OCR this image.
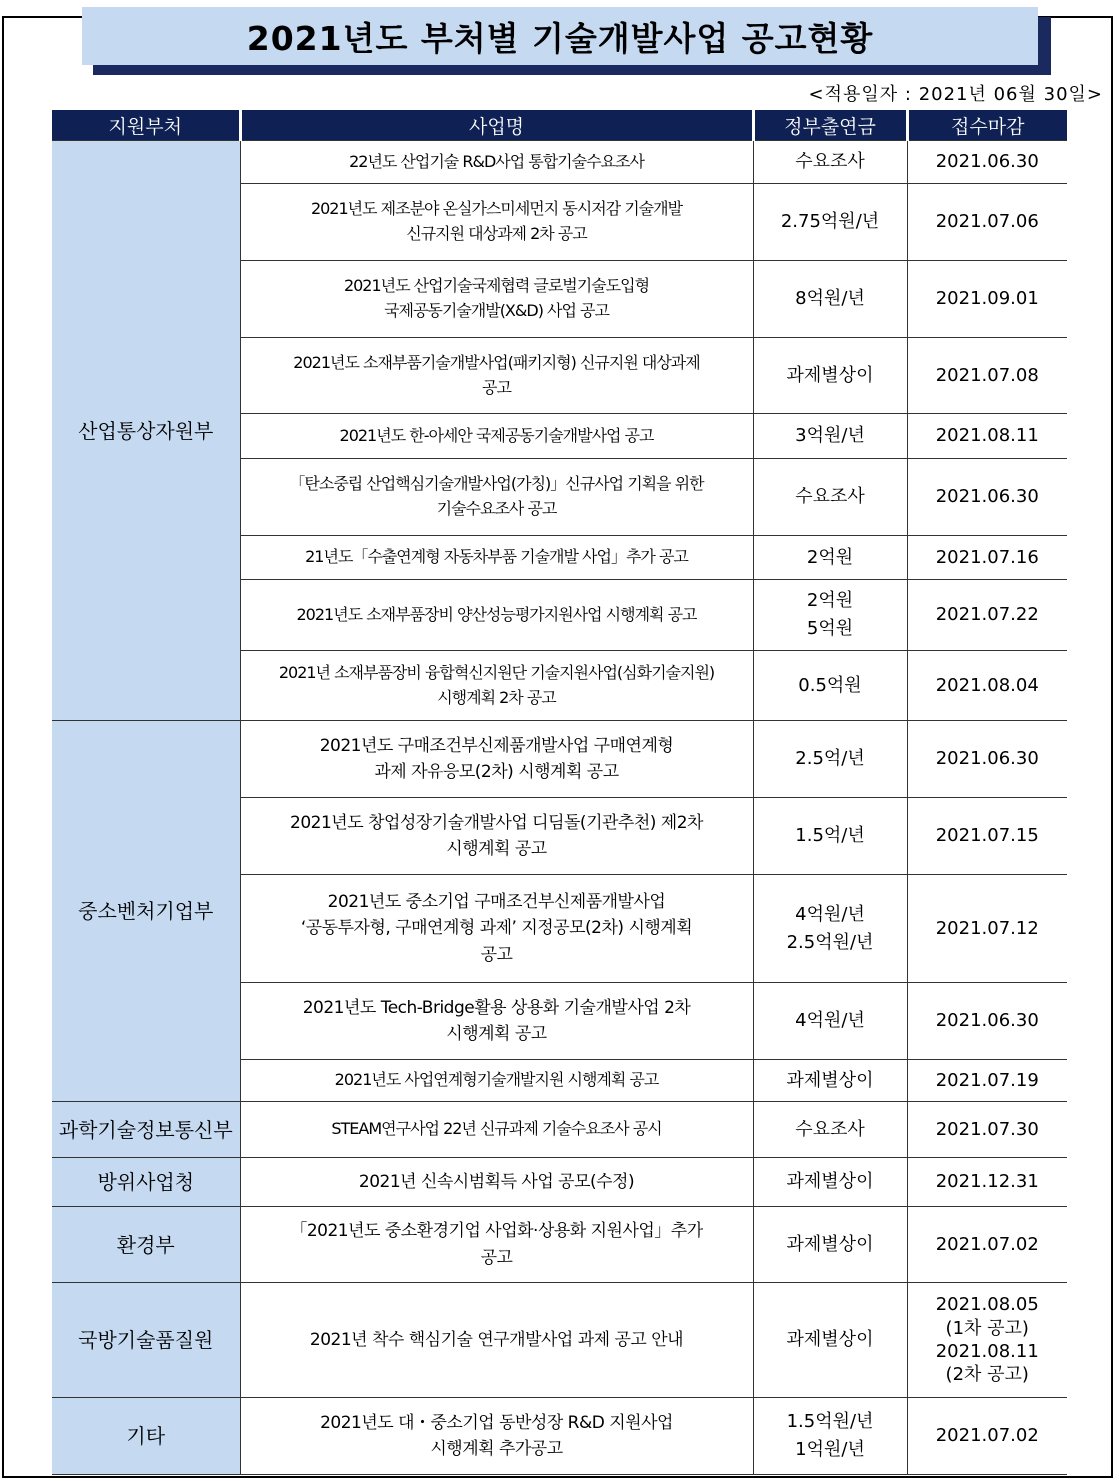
2021년도 부처별 기술개발사업 공고현황
<적용일자 : 2021년 06월 30일>
지원부처	사업명	정부출연금	접수마감
산업통상자원부	22년도 산업기술 R&D사업 통합기술수요조사	수요조사	2021.06.30
	2021년도 제조분야 온실가스미세먼지 동시저감 기술개발
신규지원 대상과제 2차 공고	2.75억원/년	2021.07.06
	2021년도 산업기술국제협력 글로벌기술도입형
국제공동기술개발(X&D) 사업 공고	8억원/년	2021.09.01
	2021년도 소재부품기술개발사업(패키지형) 신규지원 대상과제
공고	과제별상이	2021.07.08
	2021년도 한-아세안 국제공동기술개발사업 공고	3억원/년	2021.08.11
	「탄소중립 산업핵심기술개발사업(가칭)」신규사업 기획을 위한
기술수요조사 공고	수요조사	2021.06.30
	21년도「수출연계형 자동차부품 기술개발 사업」추가 공고	2억원	2021.07.16
	2021년도 소재부품장비 양산성능평가지원사업 시행계획 공고	2억원
5억원	2021.07.22
	2021년 소재부품장비 융합혁신지원단 기술지원사업(심화기술지원)
시행계획 2차 공고	0.5억원	2021.08.04
중소벤처기업부	2021년도 구매조건부신제품개발사업 구매연계형
과제 자유응모(2차) 시행계획 공고	2.5억/년	2021.06.30
	2021년도 창업성장기술개발사업 디딤돌(기관추천) 제2차
시행계획 공고	1.5억/년	2021.07.15
	2021년도 중소기업 구매조건부신제품개발사업
‘공동투자형, 구매연계형 과제’ 지정공모(2차) 시행계획
공고	4억원/년
2.5억원/년	2021.07.12
	2021년도 Tech-Bridge활용 상용화 기술개발사업 2차
시행계획 공고	4억원/년	2021.06.30
	2021년도 사업연계형기술개발지원 시행계획 공고	과제별상이	2021.07.19
과학기술정보통신부	STEAM연구사업 22년 신규과제 기술수요조사 공시	수요조사	2021.07.30
방위사업청	2021년 신속시범획득 사업 공모(수정)	과제별상이	2021.12.31
환경부	「2021년도 중소환경기업 사업화·상용화 지원사업」추가
공고	과제별상이	2021.07.02
국방기술품질원	2021년 착수 핵심기술 연구개발사업 과제 공고 안내	과제별상이	2021.08.05
(1차 공고)
2021.08.11
(2차 공고)
기타	2021년도 대・중소기업 동반성장 R&D 지원사업
시행계획 추가공고	1.5억원/년
1억원/년	2021.07.02
